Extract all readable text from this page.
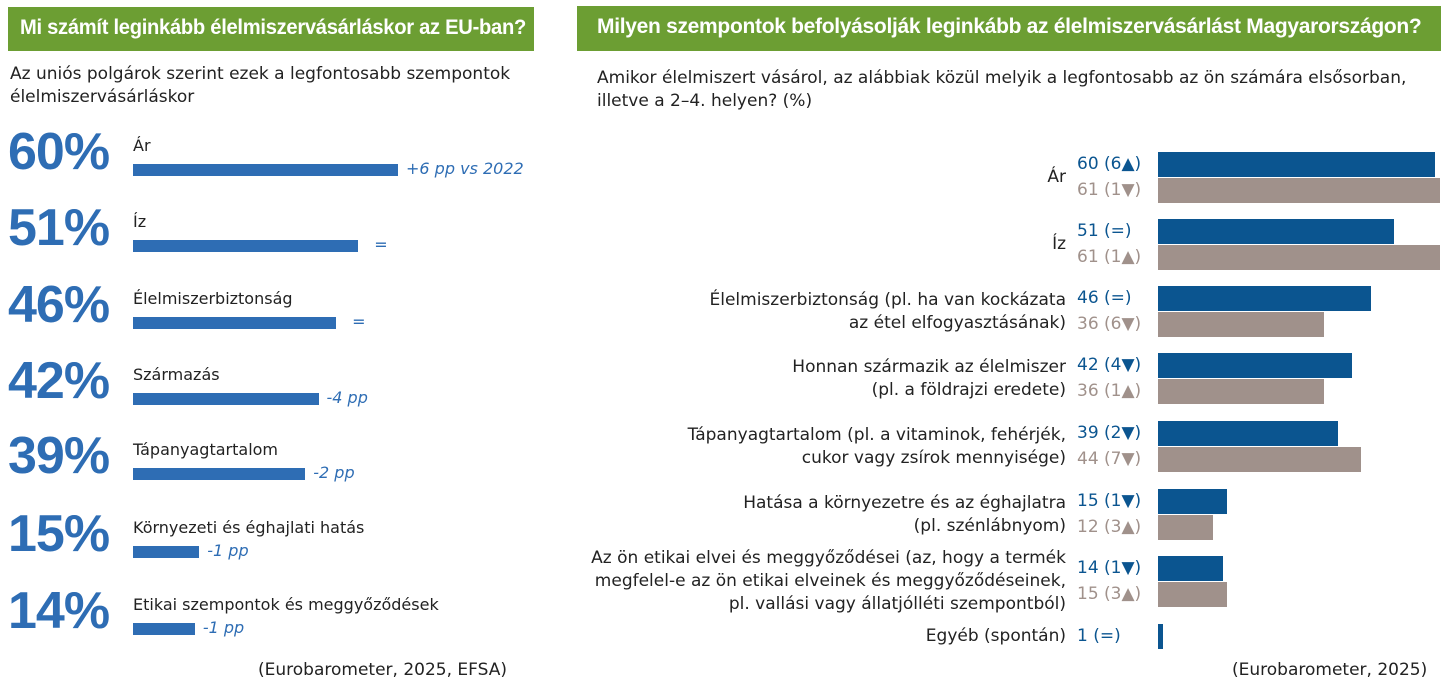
Mi számít leginkább élelmiszervásárláskor az EU-ban?
Az uniós polgárok szerint ezek a legfontosabb szempontok élelmiszervásárláskor
60% Ár
+6 pp vs 2022
51% Íz
=
46% Élelmiszerbiztonság
=
42% Származás
-4 pp
39% Tápanyagtartalom
-2 pp
15% Környezeti és éghajlati hatás
-1 pp
14% Etikai szempontok és meggyőződések
-1 pp
(Eurobarometer, 2025, EFSA)
Milyen szempontok befolyásolják leginkább az élelmiszervásárlást Magyarországon?
Amikor élelmiszert vásárol, az alábbiak közül melyik a legfontosabb az ön számára elsősorban, illetve a 2–4. helyen? (%)
Ár
60 (6▲)
61 (1▼)
Íz
51 (=)
61 (1▲)
Élelmiszerbiztonság (pl. ha van kockázata
az étel elfogyasztásának)
46 (=)
36 (6▼)
Honnan származik az élelmiszer
(pl. a földrajzi eredete)
42 (4▼)
36 (1▲)
Tápanyagtartalom (pl. a vitaminok, fehérjék,
cukor vagy zsírok mennyisége)
39 (2▼)
44 (7▼)
Hatása a környezetre és az éghajlatra
(pl. szénlábnyom)
15 (1▼)
12 (3▲)
Az ön etikai elvei és meggyőződései (az, hogy a termék
megfelel-e az ön etikai elveinek és meggyőződéseinek,
pl. vallási vagy állatjólléti szempontból)
14 (1▼)
15 (3▲)
Egyéb (spontán) 1 (=)
(Eurobarometer, 2025)
